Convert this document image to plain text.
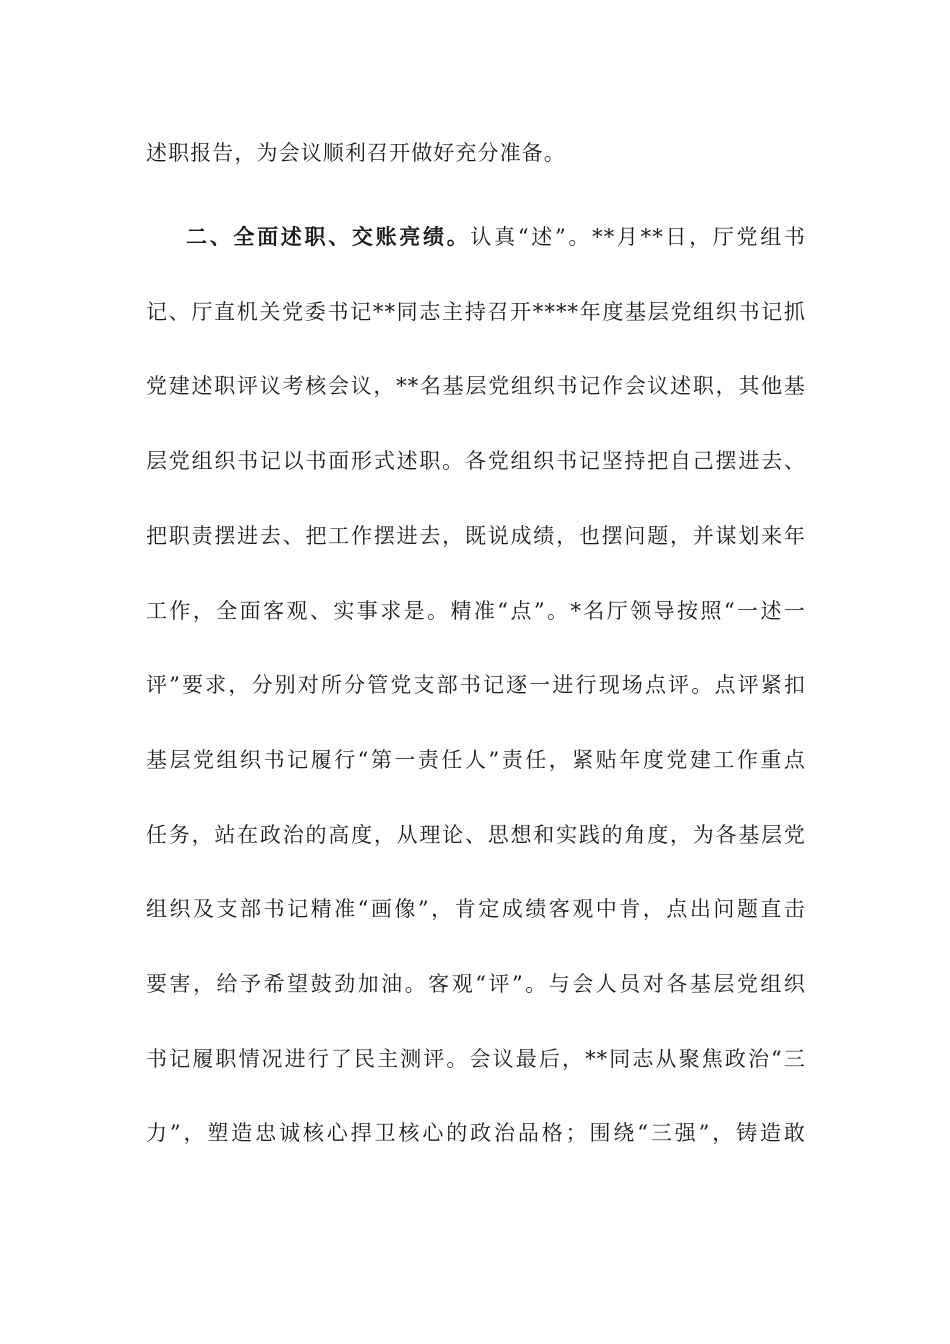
述职报告，为会议顺利召开做好充分准备。
二、全面述职、交账亮绩。认真“述”。**月**日，厅党组书
记、厅直机关党委书记**同志主持召开****年度基层党组织书记抓
党建述职评议考核会议，**名基层党组织书记作会议述职，其他基
层党组织书记以书面形式述职。各党组织书记坚持把自己摆进去、
把职责摆进去、把工作摆进去，既说成绩，也摆问题，并谋划来年
工作，全面客观、实事求是。精准“点”。*名厅领导按照“一述一
评”要求，分别对所分管党支部书记逐一进行现场点评。点评紧扣
基层党组织书记履行“第一责任人”责任，紧贴年度党建工作重点
任务，站在政治的高度，从理论、思想和实践的角度，为各基层党
组织及支部书记精准“画像”，肯定成绩客观中肯，点出问题直击
要害，给予希望鼓劲加油。客观“评”。与会人员对各基层党组织
书记履职情况进行了民主测评。会议最后，**同志从聚焦政治“三
力”，塑造忠诚核心捍卫核心的政治品格；围绕“三强”，铸造敢
